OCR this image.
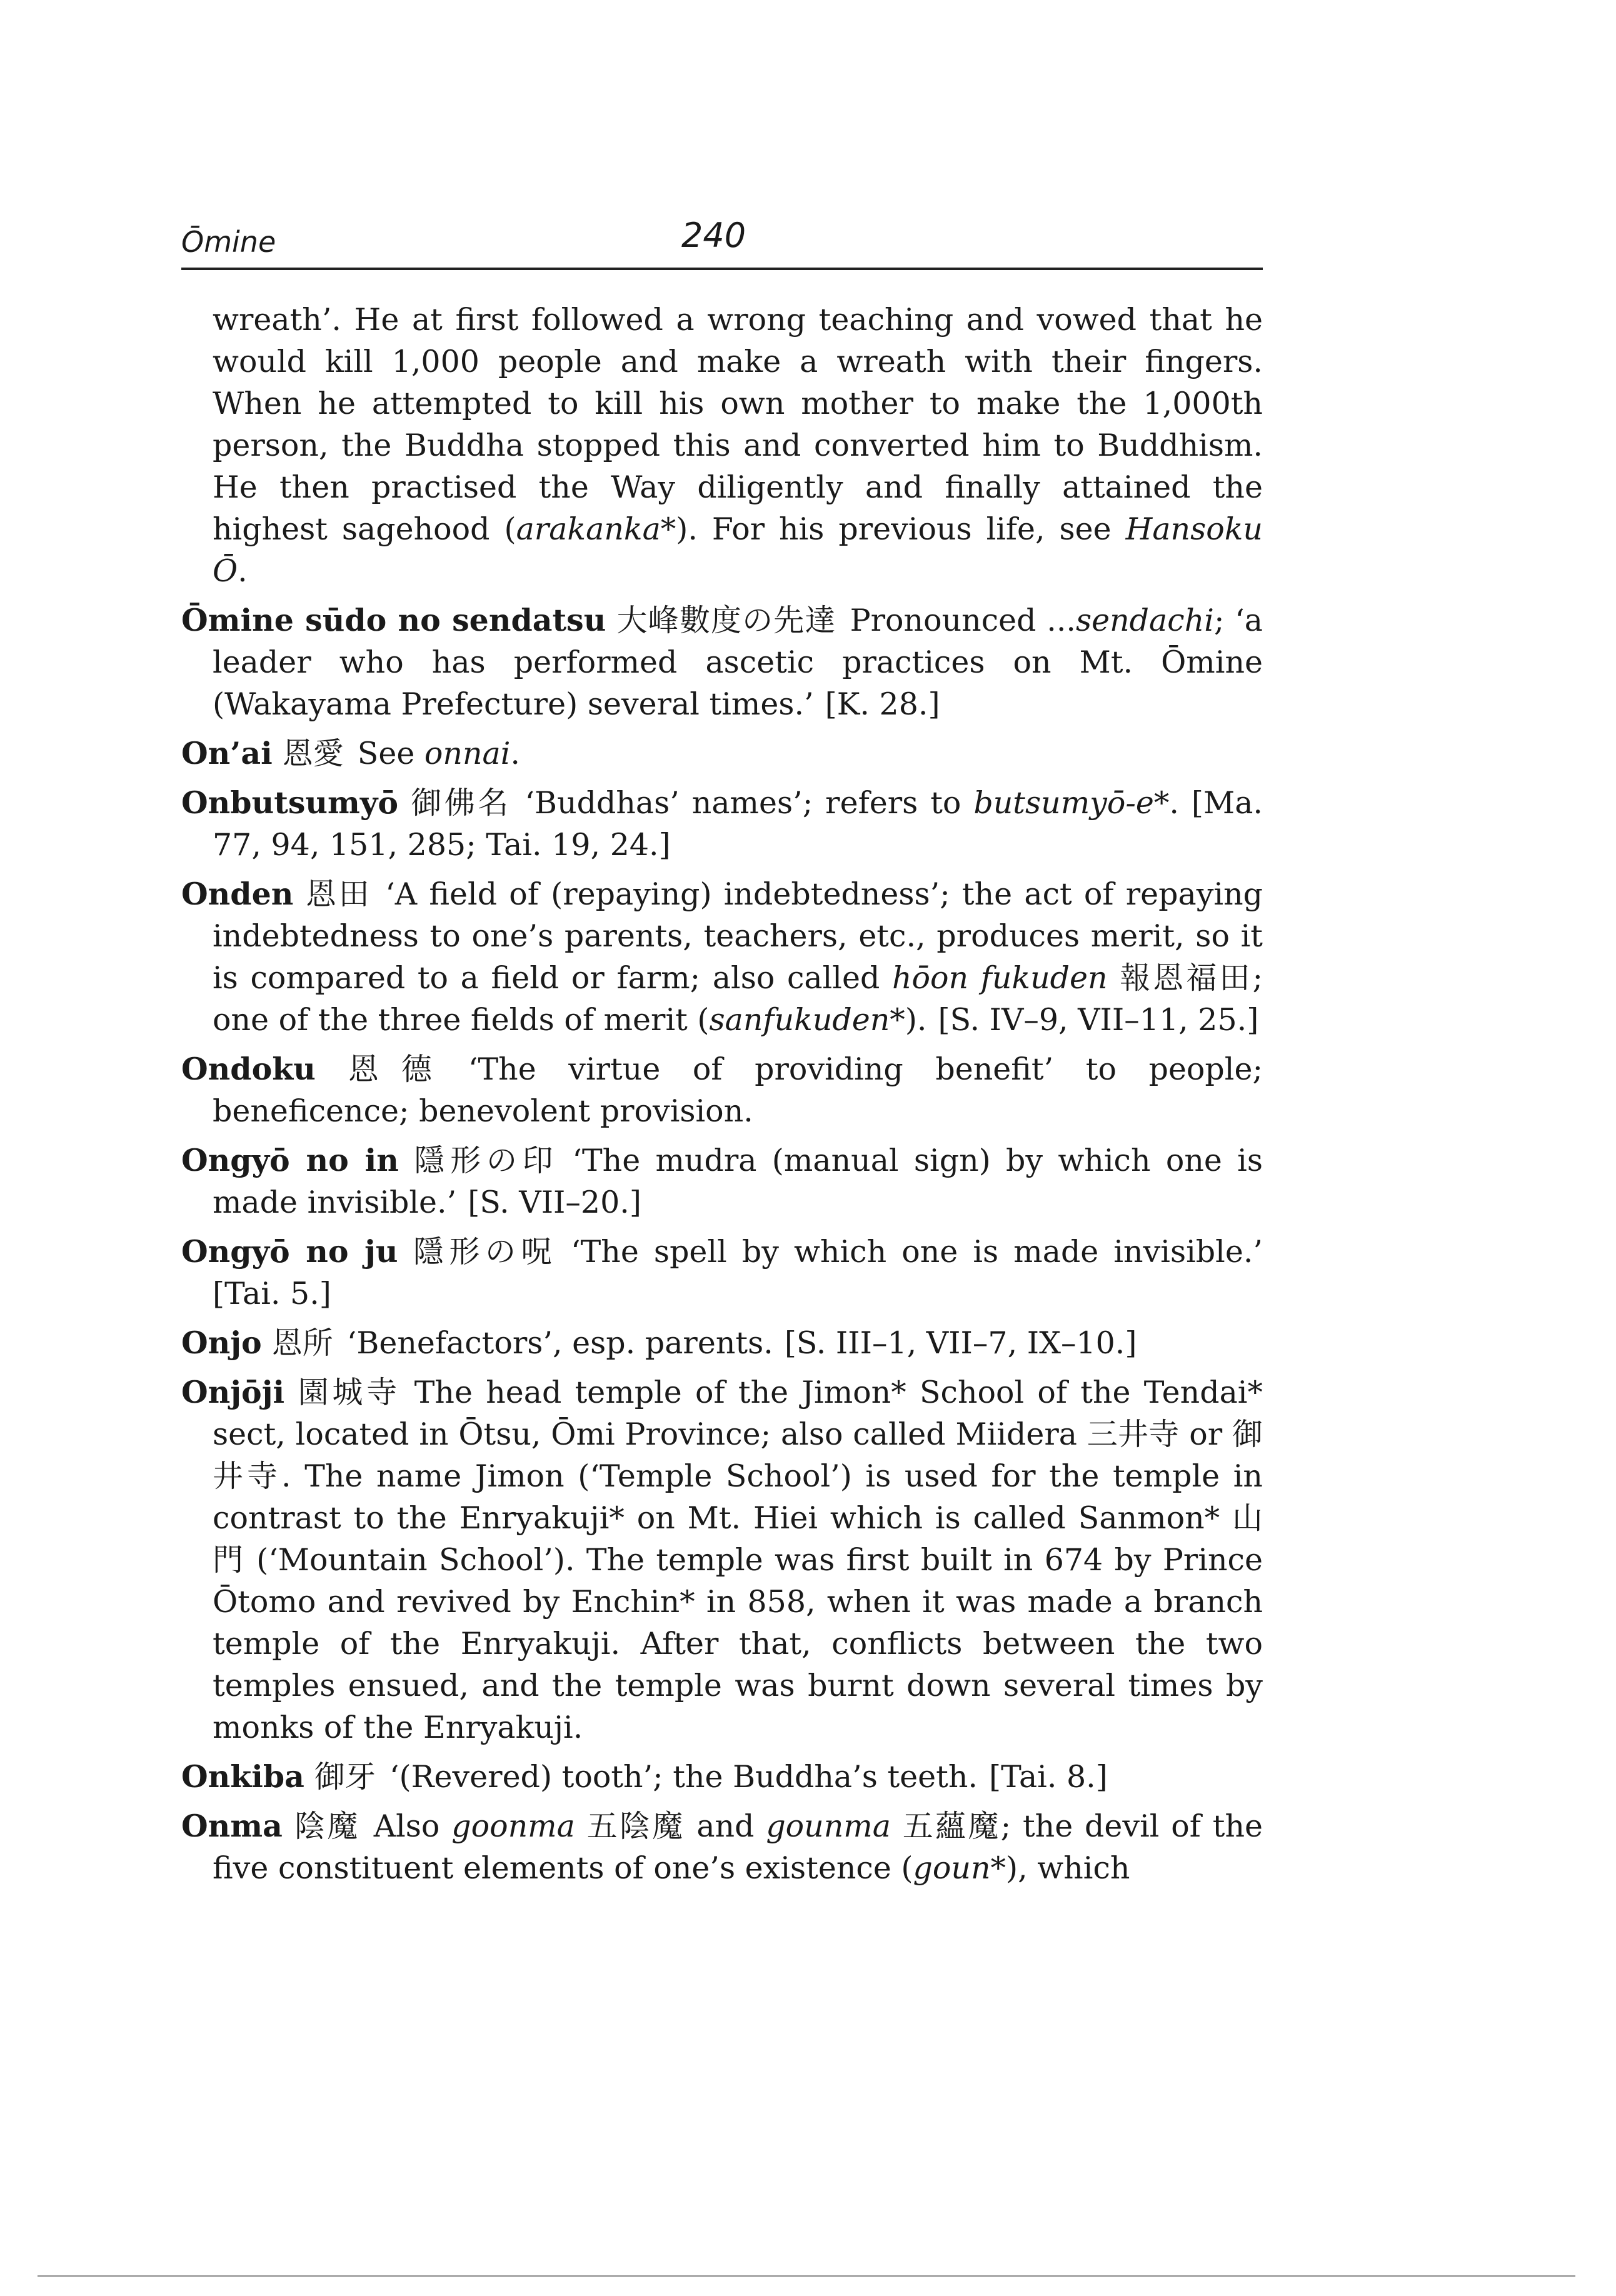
Ōmine	240

wreath’. He at first followed a wrong teaching and vowed that he would kill 1,000 people and make a wreath with their fingers. When he attempted to kill his own mother to make the 1,000th person, the Buddha stopped this and converted him to Buddhism. He then practised the Way diligently and finally attained the highest sagehood (arakanka*). For his previous life, see Hansoku Ō.

Ōmine sūdo no sendatsu 大峰數度の先達 Pronounced ...sendachi; ‘a leader who has performed ascetic practices on Mt. Ōmine (Wakayama Prefecture) several times.’ [K. 28.]

On’ai 恩愛 See onnai.

Onbutsumyō 御佛名 ‘Buddhas’ names’; refers to butsumyō-e*. [Ma. 77, 94, 151, 285; Tai. 19, 24.]

Onden 恩田 ‘A field of (repaying) indebtedness’; the act of repaying indebtedness to one’s parents, teachers, etc., produces merit, so it is compared to a field or farm; also called hōon fukuden 報恩福田; one of the three fields of merit (sanfukuden*). [S. IV–9, VII–11, 25.]

Ondoku 恩德 ‘The virtue of providing benefit’ to people; beneficence; benevolent provision.

Ongyō no in 隱形の印 ‘The mudra (manual sign) by which one is made invisible.’ [S. VII–20.]

Ongyō no ju 隱形の呪 ‘The spell by which one is made invisible.’ [Tai. 5.]

Onjo 恩所 ‘Benefactors’, esp. parents. [S. III–1, VII–7, IX–10.]

Onjōji 園城寺 The head temple of the Jimon* School of the Tendai* sect, located in Ōtsu, Ōmi Province; also called Miidera 三井寺 or 御井寺. The name Jimon (‘Temple School’) is used for the temple in contrast to the Enryakuji* on Mt. Hiei which is called Sanmon* 山門 (‘Mountain School’). The temple was first built in 674 by Prince Ōtomo and revived by Enchin* in 858, when it was made a branch temple of the Enryakuji. After that, conflicts between the two temples ensued, and the temple was burnt down several times by monks of the Enryakuji.

Onkiba 御牙 ‘(Revered) tooth’; the Buddha’s teeth. [Tai. 8.]

Onma 陰魔 Also goonma 五陰魔 and gounma 五蘊魔; the devil of the five constituent elements of one’s existence (goun*), which
